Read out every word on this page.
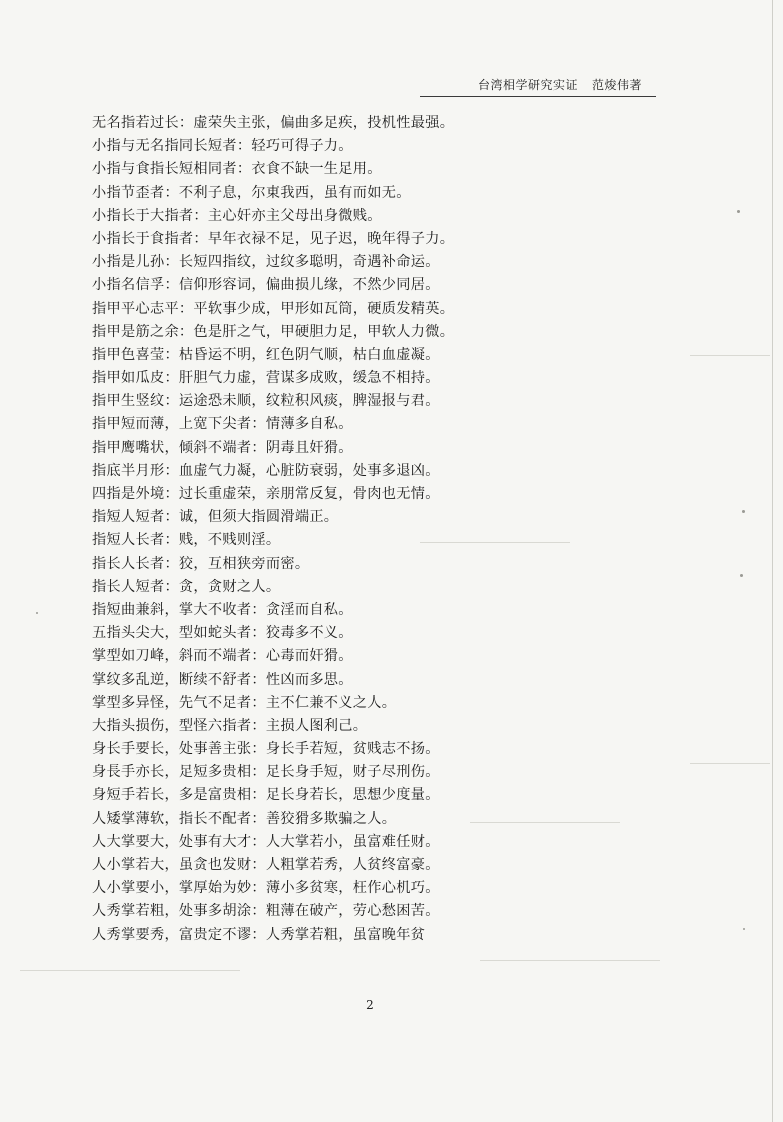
台湾相学研究实证 范焌伟著
无名指若过长：虚荣失主张，偏曲多足疾，投机性最强。
小指与无名指同长短者：轻巧可得子力。
小指与食指长短相同者：衣食不缺一生足用。
小指节歪者：不利子息，尔東我西，虽有而如无。
小指长于大指者：主心奸亦主父母出身微贱。
小指长于食指者：早年衣禄不足，见子迟，晚年得子力。
小指是儿孙：长短四指纹，过纹多聪明，奇遇补命运。
小指名信孚：信仰形容词，偏曲损儿缘，不然少同居。
指甲平心志平：平软事少成，甲形如瓦筒，硬质发精英。
指甲是筋之余：色是肝之气，甲硬胆力足，甲软人力微。
指甲色喜莹：枯昏运不明，红色阴气顺，枯白血虚凝。
指甲如瓜皮：肝胆气力虚，营谋多成败，缓急不相持。
指甲生竖纹：运途恐未顺，纹粒积风痰，脾湿报与君。
指甲短而薄，上宽下尖者：情薄多自私。
指甲鹰嘴状，倾斜不端者：阴毒且奸猾。
指底半月形：血虚气力凝，心脏防衰弱，处事多退凶。
四指是外境：过长重虚荣，亲朋常反复，骨肉也无情。
指短人短者：诚，但须大指圆滑端正。
指短人长者：贱，不贱则淫。
指长人长者：狡，互相狭旁而密。
指长人短者：贪，贪财之人。
指短曲兼斜，掌大不收者：贪淫而自私。
五指头尖大，型如蛇头者：狡毒多不义。
掌型如刀峰，斜而不端者：心毒而奸猾。
掌纹多乱逆，断续不舒者：性凶而多思。
掌型多异怪，先气不足者：主不仁兼不义之人。
大指头损伤，型怪六指者：主损人图利己。
身长手要长，处事善主张：身长手若短，贫贱志不扬。
身長手亦长，足短多贵相：足长身手短，财子尽刑伤。
身短手若长，多是富贵相：足长身若长，思想少度量。
人矮掌薄软，指长不配者：善狡猾多欺骗之人。
人大掌要大，处事有大才：人大掌若小，虽富难任财。
人小掌若大，虽贪也发财：人粗掌若秀，人贫终富豪。
人小掌要小，掌厚始为妙：薄小多贫寒，枉作心机巧。
人秀掌若粗，处事多胡涂：粗薄在破产，劳心愁困苦。
人秀掌要秀，富贵定不谬：人秀掌若粗，虽富晚年贫
2
